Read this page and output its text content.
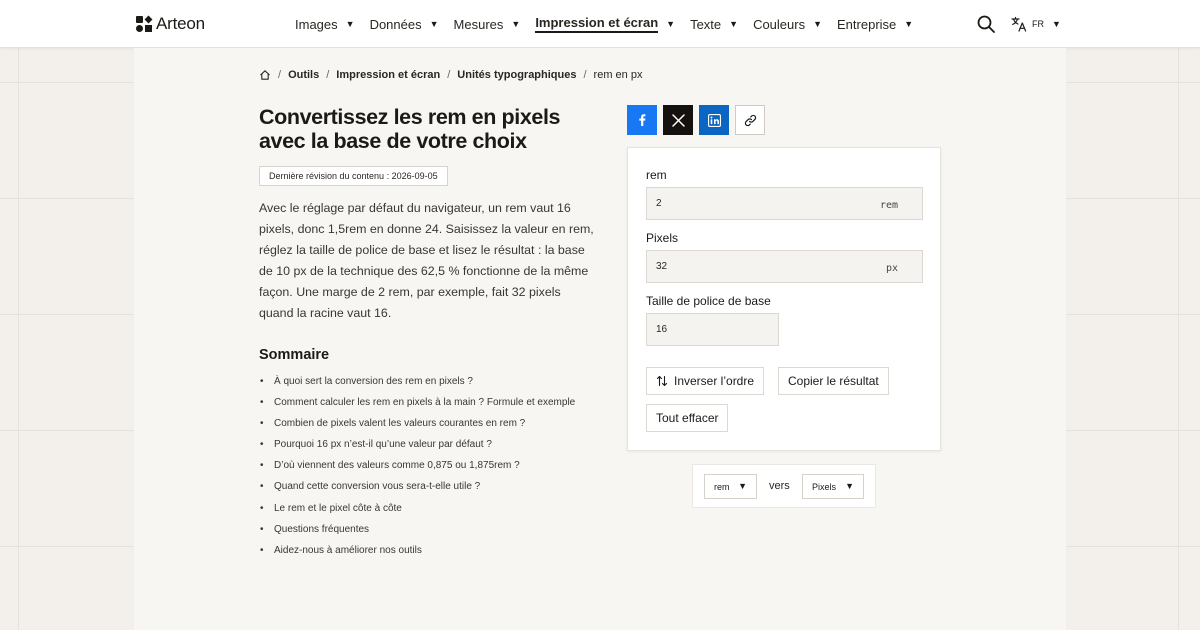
Arteon	Images ▼ Données ▼ Mesures ▼ Impression et écran ▼ Texte ▼ Couleurs ▼ Entreprise ▼	FR ▼
/ Outils / Impression et écran / Unités typographiques / rem en px
Convertissez les rem en pixels avec la base de votre choix
Dernière révision du contenu : 2026-09-05

Avec le réglage par défaut du navigateur, un rem vaut 16 pixels, donc 1,5rem en donne 24. Saisissez la valeur en rem, réglez la taille de police de base et lisez le résultat : la base de 10 px de la technique des 62,5 % fonctionne de la même façon. Une marge de 2 rem, par exemple, fait 32 pixels quand la racine vaut 16.

Sommaire
• À quoi sert la conversion des rem en pixels ?
• Comment calculer les rem en pixels à la main ? Formule et exemple
• Combien de pixels valent les valeurs courantes en rem ?
• Pourquoi 16 px n’est-il qu’une valeur par défaut ?
• D’où viennent des valeurs comme 0,875 ou 1,875rem ?
• Quand cette conversion vous sera-t-elle utile ?
• Le rem et le pixel côte à côte
• Questions fréquentes
• Aidez-nous à améliorer nos outils
rem
2	rem
Pixels
32	px
Taille de police de base
16
Inverser l’ordre	Copier le résultat
Tout effacer
rem ▼ vers Pixels ▼
